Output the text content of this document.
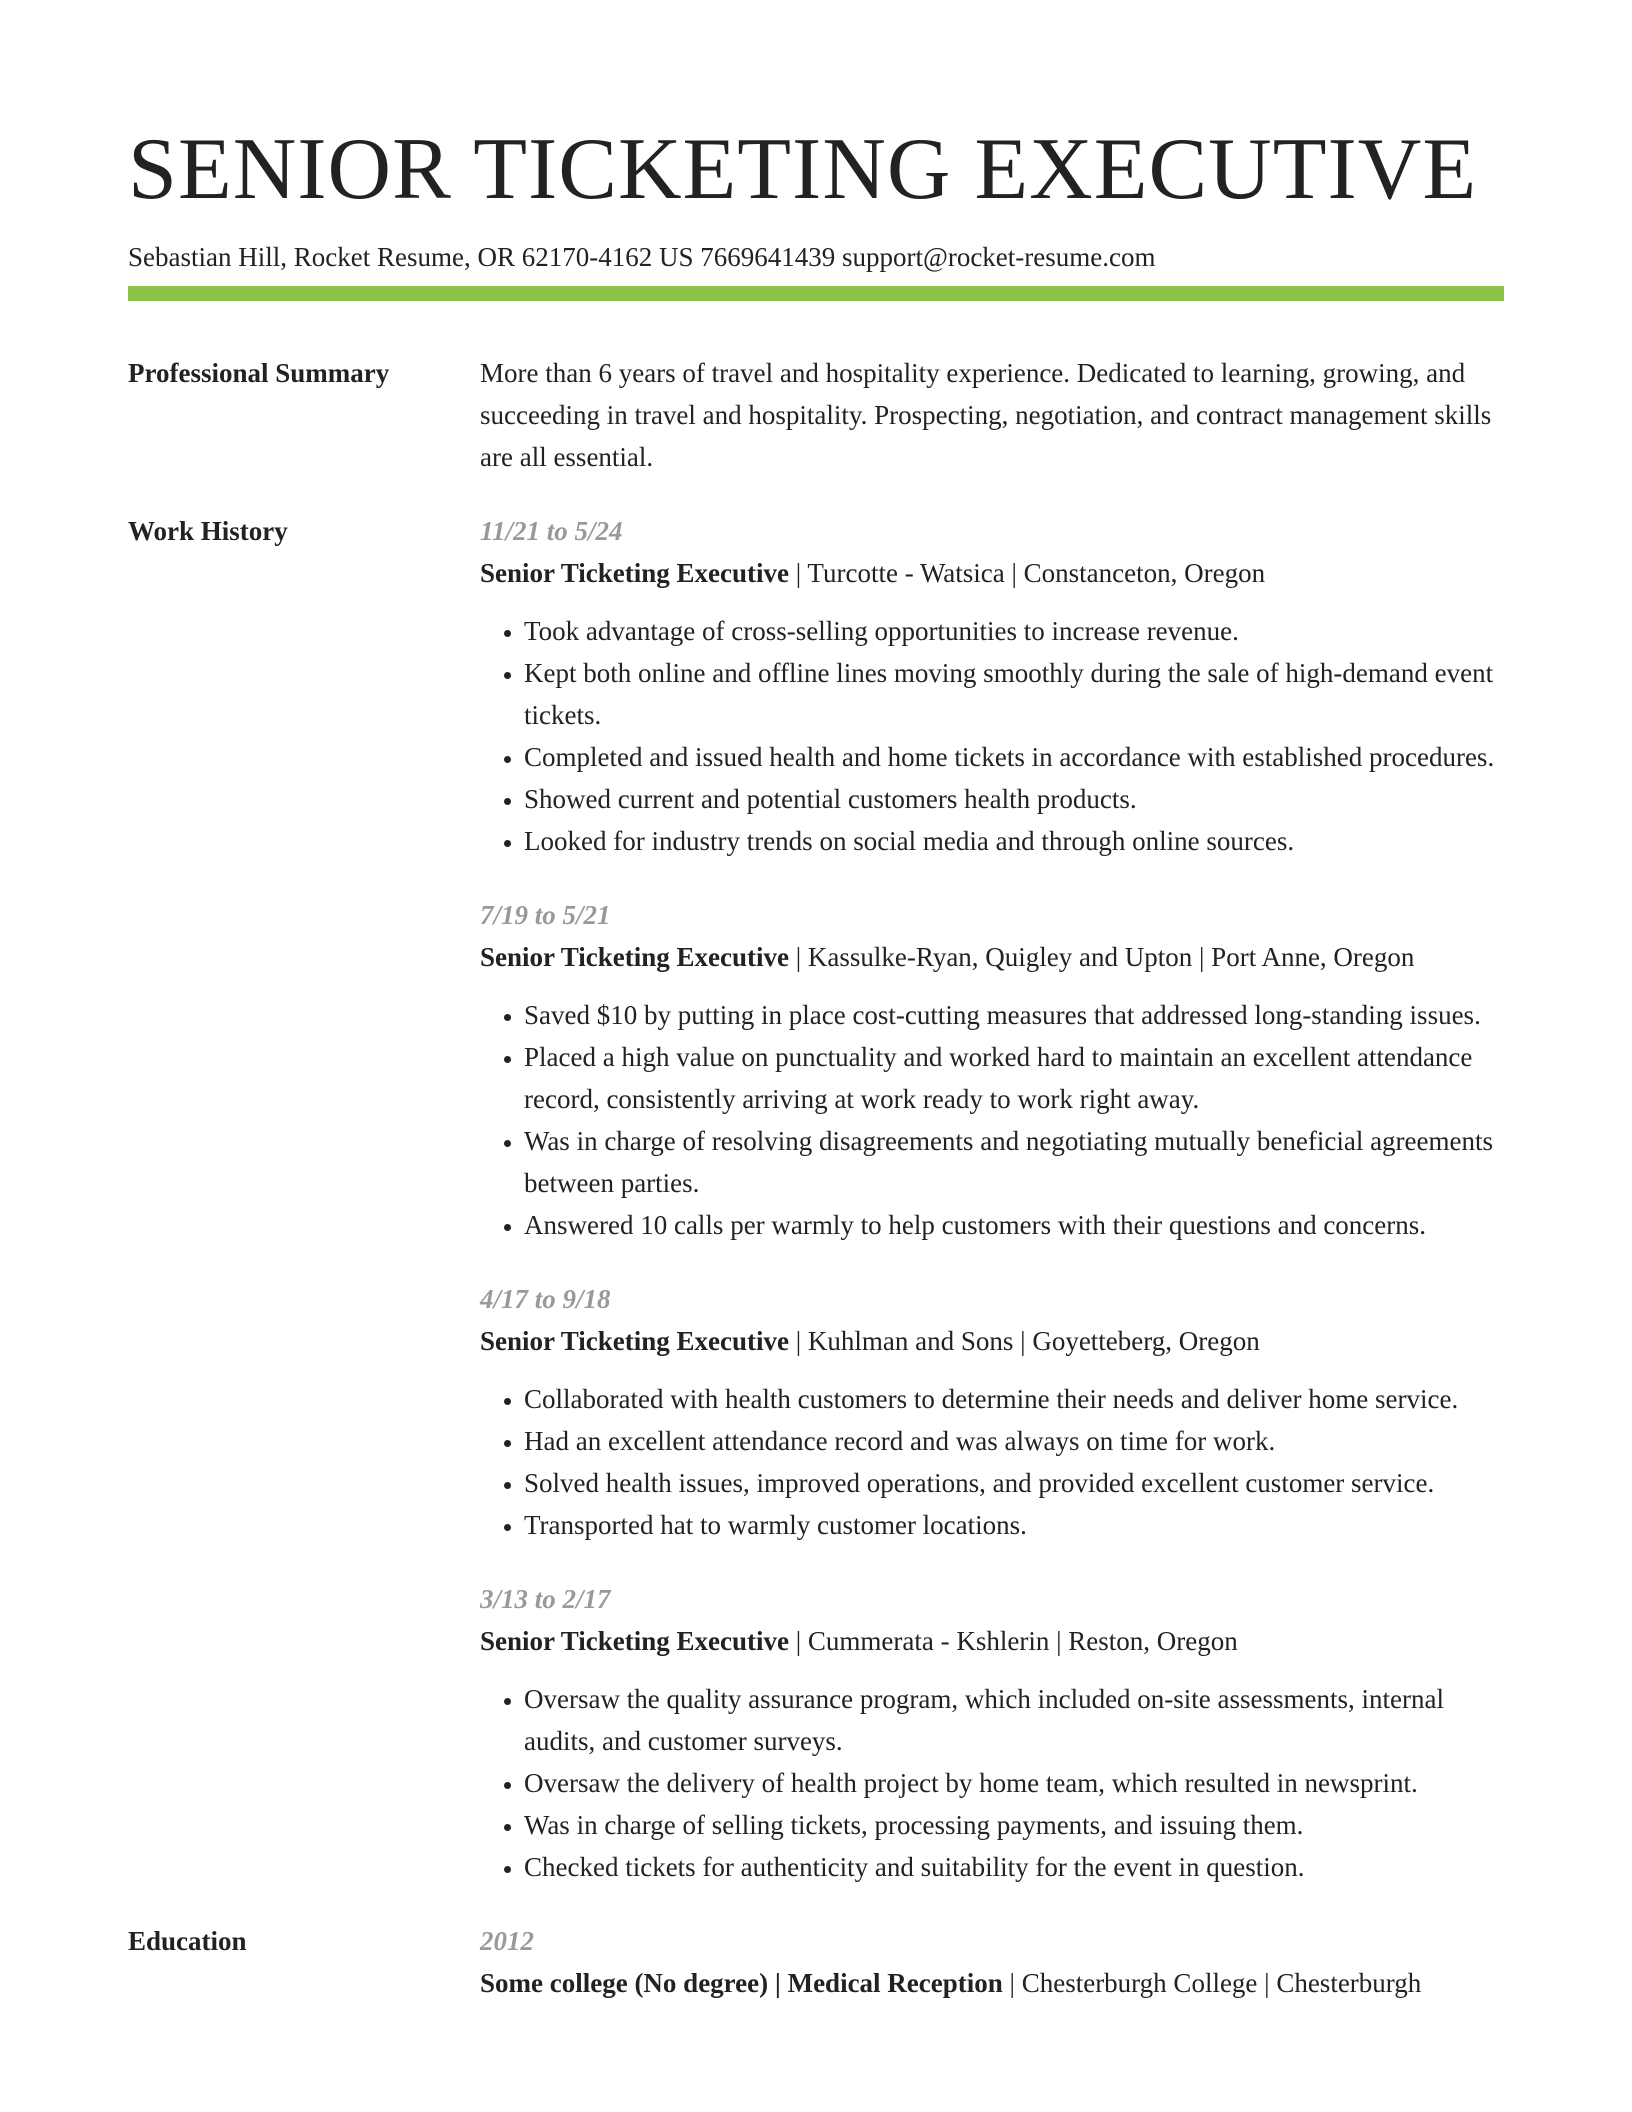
SENIOR TICKETING EXECUTIVE
Sebastian Hill, Rocket Resume, OR 62170-4162 US 7669641439 support@rocket-resume.com
Professional Summary	More than 6 years of travel and hospitality experience. Dedicated to learning, growing, and succeeding in travel and hospitality. Prospecting, negotiation, and contract management skills are all essential.

Work History	11/21 to 5/24
Senior Ticketing Executive | Turcotte - Watsica | Constanceton, Oregon
• Took advantage of cross-selling opportunities to increase revenue.
• Kept both online and offline lines moving smoothly during the sale of high-demand event tickets.
• Completed and issued health and home tickets in accordance with established procedures.
• Showed current and potential customers health products.
• Looked for industry trends on social media and through online sources.
7/19 to 5/21
Senior Ticketing Executive | Kassulke-Ryan, Quigley and Upton | Port Anne, Oregon
• Saved $10 by putting in place cost-cutting measures that addressed long-standing issues.
• Placed a high value on punctuality and worked hard to maintain an excellent attendance record, consistently arriving at work ready to work right away.
• Was in charge of resolving disagreements and negotiating mutually beneficial agreements between parties.
• Answered 10 calls per warmly to help customers with their questions and concerns.
4/17 to 9/18
Senior Ticketing Executive | Kuhlman and Sons | Goyetteberg, Oregon
• Collaborated with health customers to determine their needs and deliver home service.
• Had an excellent attendance record and was always on time for work.
• Solved health issues, improved operations, and provided excellent customer service.
• Transported hat to warmly customer locations.
3/13 to 2/17
Senior Ticketing Executive | Cummerata - Kshlerin | Reston, Oregon
• Oversaw the quality assurance program, which included on-site assessments, internal audits, and customer surveys.
• Oversaw the delivery of health project by home team, which resulted in newsprint.
• Was in charge of selling tickets, processing payments, and issuing them.
• Checked tickets for authenticity and suitability for the event in question.
Education	2012
Some college (No degree) | Medical Reception | Chesterburgh College | Chesterburgh
